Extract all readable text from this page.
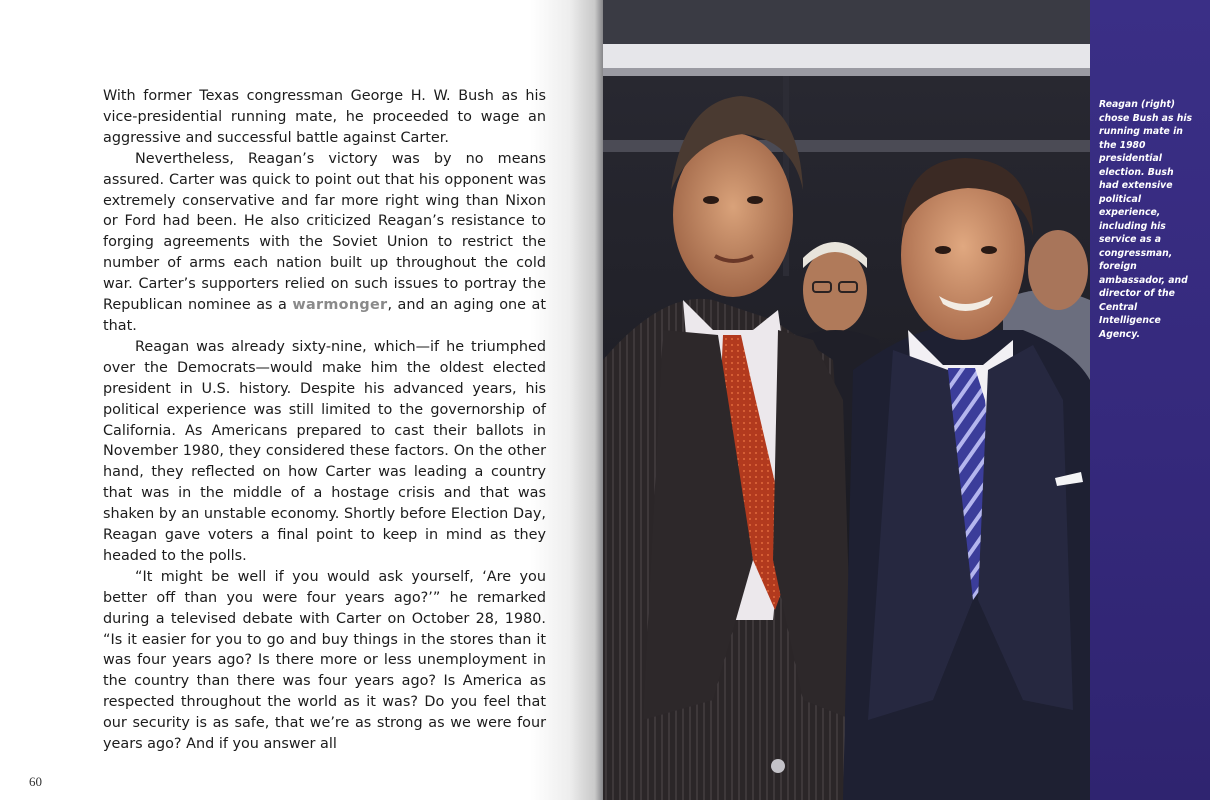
With former Texas congressman George H. W. Bush as his vice-presidential running mate, he proceeded to wage an aggressive and successful battle against Carter.

Nevertheless, Reagan’s victory was by no means assured. Carter was quick to point out that his opponent was extremely conservative and far more right wing than Nixon or Ford had been. He also criticized Reagan’s resistance to forging agreements with the Soviet Union to restrict the number of arms each nation built up throughout the cold war. Carter’s supporters relied on such issues to portray the Republican nominee as a warmonger, and an aging one at that.

Reagan was already sixty-nine, which—if he triumphed over the Democrats—would make him the oldest elected president in U.S. history. Despite his advanced years, his political experience was still limited to the governorship of California. As Americans prepared to cast their ballots in November 1980, they considered these factors. On the other hand, they reflected on how Carter was leading a country that was in the middle of a hostage crisis and that was shaken by an unstable economy. Shortly before Election Day, Reagan gave voters a final point to keep in mind as they headed to the polls.

“It might be well if you would ask yourself, ‘Are you better off than you were four years ago?’” he remarked during a televised debate with Carter on October 28, 1980. “Is it easier for you to go and buy things in the stores than it was four years ago? Is there more or less unemployment in the country than there was four years ago? Is America as respected throughout the world as it was? Do you feel that our security is as safe, that we’re as strong as we were four years ago? And if you answer all

60
Reagan (right) chose Bush as his running mate in the 1980 presidential election. Bush had extensive political experience, including his service as a congressman, foreign ambassador, and director of the Central Intelligence Agency.
